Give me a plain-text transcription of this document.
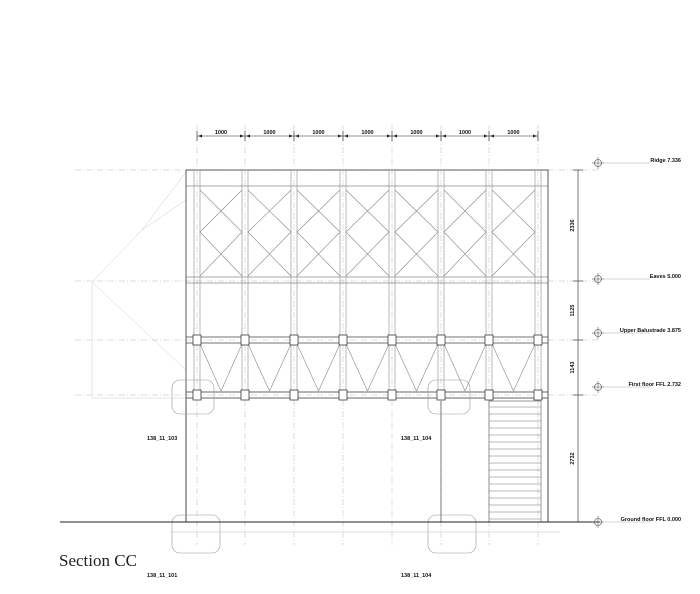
1000	1000	1000	1000	1000	1000	1000
2336
1125
1143
2732
Ridge 7.336
Eaves 5.000
Upper Balustrade 3.875
First floor FFL 2.732
Ground floor FFL 0.000
138_11_103	138_11_104
138_11_101	138_11_104
Section CC
